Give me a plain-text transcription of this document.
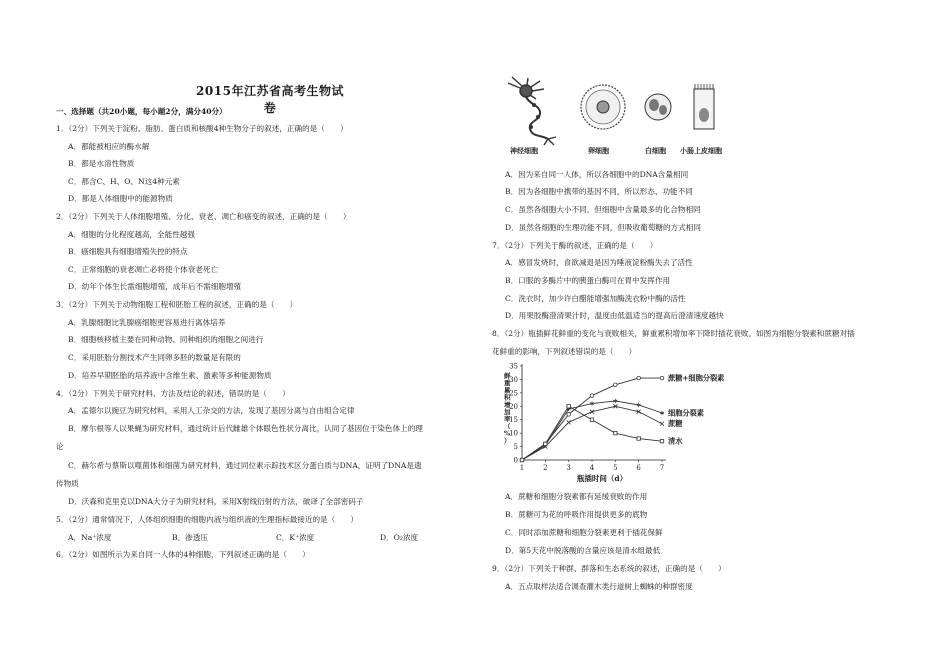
2015年江苏省高考生物试卷
一、选择题（共20小题，每小题2分，满分40分）
1．（2分）下列关于淀粉、脂肪、蛋白质和核酸4种生物分子的叙述，正确的是（　　）
A．都能被相应的酶水解
B．都是水溶性物质
C．都含C、H、O、N这4种元素
D．都是人体细胞中的能源物质
2．（2分）下列关于人体细胞增殖、分化、衰老、凋亡和癌变的叙述，正确的是（　　）
A．细胞的分化程度越高，全能性越强
B．癌细胞具有细胞增殖失控的特点
C．正常细胞的衰老凋亡必将使个体衰老死亡
D．幼年个体生长需细胞增殖，成年后不需细胞增殖
3．（2分）下列关于动物细胞工程和胚胎工程的叙述，正确的是（　　）
A．乳腺细胞比乳腺癌细胞更容易进行离体培养
B．细胞核移植主要在同种动物、同种组织的细胞之间进行
C．采用胚胎分割技术产生同卵多胚的数量是有限的
D．培养早期胚胎的培养液中含维生素、激素等多种能源物质
4．（2分）下列关于研究材料、方法及结论的叙述，错误的是（　　）
A．孟德尔以豌豆为研究材料，采用人工杂交的方法，发现了基因分离与自由组合定律
B．摩尔根等人以果蝇为研究材料，通过统计后代雌雄个体眼色性状分离比，认同了基因位于染色体上的理
论
C．赫尔希与蔡斯以噬菌体和细菌为研究材料，通过同位素示踪技术区分蛋白质与DNA，证明了DNA是遗
传物质
D．沃森和克里克以DNA大分子为研究材料，采用X射线衍射的方法，破译了全部密码子
5．（2分）通常情况下，人体组织细胞的细胞内液与组织液的生理指标最接近的是（　　）
A．Na⁺浓度	B．渗透压	C．K⁺浓度	D．O₂浓度
6．（2分）如图所示为来自同一人体的4种细胞，下列叙述正确的是（　　）
神经细胞	卵细胞	白细胞 小肠上皮细胞
A．因为来自同一人体，所以各细胞中的DNA含量相同
B．因为各细胞中携带的基因不同，所以形态、功能不同
C．虽然各细胞大小不同，但细胞中含量最多的化合物相同
D．虽然各细胞的生理功能不同，但吸收葡萄糖的方式相同
7．（2分）下列关于酶的叙述，正确的是（　　）
A．感冒发烧时，食欲减退是因为唾液淀粉酶失去了活性
B．口服的多酶片中的胰蛋白酶可在胃中发挥作用
C．洗衣时，加少许白醋能增强加酶洗衣粉中酶的活性
D．用果胶酶澄清果汁时，温度由低温适当的提高后澄清速度越快
8．（2分）瓶插鲜花鲜重的变化与衰败相关，鲜重累积增加率下降时插花衰败。如图为细胞分裂素和蔗糖对插
花鲜重的影响，下列叙述错误的是（　　）
0
5
10
15
20
25
30
35
1	2	3	4	5	6	7
瓶插时间（d）
鲜重累积增加率（%）
蔗糖+细胞分裂素
细胞分裂素
蔗糖
清水
A．蔗糖和细胞分裂素都有延缓衰败的作用
B．蔗糖可为花的呼吸作用提供更多的底物
C．同时添加蔗糖和细胞分裂素更利于插花保鲜
D．第5天花中脱落酸的含量应该是清水组最低
9．（2分）下列关于种群、群落和生态系统的叙述，正确的是（　　）
A．五点取样法适合调查灌木类行道树上蜘蛛的种群密度
